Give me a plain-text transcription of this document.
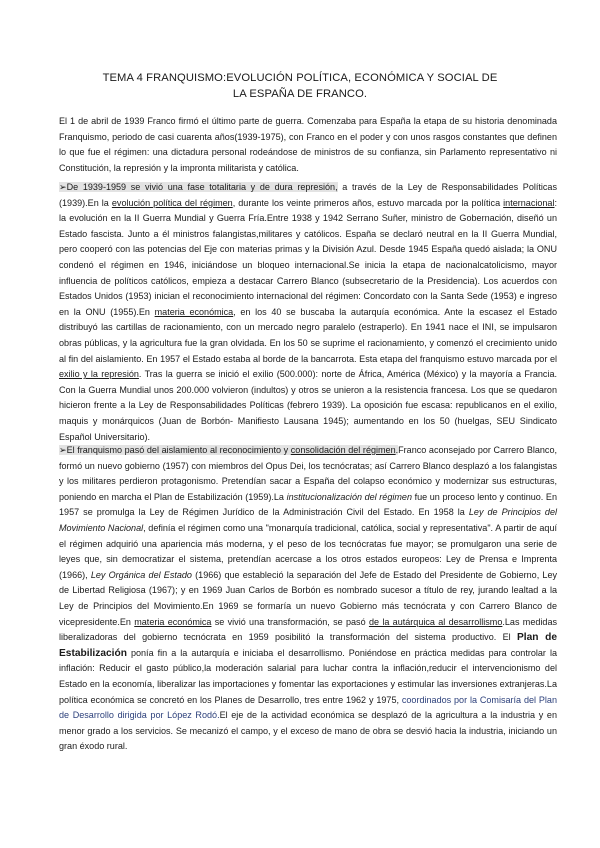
TEMA 4 FRANQUISMO:EVOLUCIÓN POLÍTICA, ECONÓMICA Y SOCIAL DE
LA ESPAÑA DE FRANCO.
El 1 de abril de 1939 Franco firmó el último parte de guerra. Comenzaba para España la etapa de su historia denominada Franquismo, periodo de casi cuarenta años(1939-1975), con Franco en el poder y con unos rasgos constantes que definen lo que fue el régimen: una dictadura personal rodeándose de ministros de su confianza, sin Parlamento representativo ni Constitución, la represión y la impronta militarista y católica.
➢De 1939-1959 se vivió una fase totalitaria y de dura represión, a través de la Ley de Responsabilidades Políticas (1939).En la evolución política del régimen, durante los veinte primeros años, estuvo marcada por la política internacional: la evolución en la II Guerra Mundial y Guerra Fría.Entre 1938 y 1942 Serrano Suñer, ministro de Gobernación, diseñó un Estado fascista. Junto a él ministros falangistas,militares y católicos. España se declaró neutral en la II Guerra Mundial, pero cooperó con las potencias del Eje con materias primas y la División Azul. Desde 1945 España quedó aislada; la ONU condenó el régimen en 1946, iniciándose un bloqueo internacional.Se inicia la etapa de nacionalcatolicismo, mayor influencia de políticos católicos, empieza a destacar Carrero Blanco (subsecretario de la Presidencia). Los acuerdos con Estados Unidos (1953) inician el reconocimiento internacional del régimen: Concordato con la Santa Sede (1953) e ingreso en la ONU (1955).En materia económica, en los 40 se buscaba la autarquía económica. Ante la escasez el Estado distribuyó las cartillas de racionamiento, con un mercado negro paralelo (estraperlo). En 1941 nace el INI, se impulsaron obras públicas, y la agricultura fue la gran olvidada. En los 50 se suprime el racionamiento, y comenzó el crecimiento unido al fin del aislamiento. En 1957 el Estado estaba al borde de la bancarrota. Esta etapa del franquismo estuvo marcada por el exilio y la represión. Tras la guerra se inició el exilio (500.000): norte de África, América (México) y la mayoría a Francia. Con la Guerra Mundial unos 200.000 volvieron (indultos) y otros se unieron a la resistencia francesa. Los que se quedaron hicieron frente a la Ley de Responsabilidades Políticas (febrero 1939). La oposición fue escasa: republicanos en el exilio, maquis y monárquicos (Juan de Borbón- Manifiesto Lausana 1945); aumentando en los 50 (huelgas, SEU Sindicato Español Universitario).
➢El franquismo pasó del aislamiento al reconocimiento y consolidación del régimen.Franco aconsejado por Carrero Blanco, formó un nuevo gobierno (1957) con miembros del Opus Dei, los tecnócratas; así Carrero Blanco desplazó a los falangistas y los militares perdieron protagonismo. Pretendían sacar a España del colapso económico y modernizar sus estructuras, poniendo en marcha el Plan de Estabilización (1959).La institucionalización del régimen fue un proceso lento y continuo. En 1957 se promulga la Ley de Régimen Jurídico de la Administración Civil del Estado. En 1958 la Ley de Principios del Movimiento Nacional, definía el régimen como una "monarquía tradicional, católica, social y representativa". A partir de aquí el régimen adquirió una apariencia más moderna, y el peso de los tecnócratas fue mayor; se promulgaron una serie de leyes que, sin democratizar el sistema, pretendían acercase a los otros estados europeos: Ley de Prensa e Imprenta (1966), Ley Orgánica del Estado (1966) que estableció la separación del Jefe de Estado del Presidente de Gobierno, Ley de Libertad Religiosa (1967); y en 1969 Juan Carlos de Borbón es nombrado sucesor a título de rey, jurando lealtad a la Ley de Principios del Movimiento.En 1969 se formaría un nuevo Gobierno más tecnócrata y con Carrero Blanco de vicepresidente.En materia económica se vivió una transformación, se pasó de la autárquica al desarrollismo.Las medidas liberalizadoras del gobierno tecnócrata en 1959 posibilitó la transformación del sistema productivo. El Plan de Estabilización ponía fin a la autarquía e iniciaba el desarrollismo. Poniéndose en práctica medidas para controlar la inflación: Reducir el gasto público,la moderación salarial para luchar contra la inflación,reducir el intervencionismo del Estado en la economía, liberalizar las importaciones y fomentar las exportaciones y estimular las inversiones extranjeras.La política económica se concretó en los Planes de Desarrollo, tres entre 1962 y 1975, coordinados por la Comisaría del Plan de Desarrollo dirigida por López Rodó.El eje de la actividad económica se desplazó de la agricultura a la industria y en menor grado a los servicios. Se mecanizó el campo, y el exceso de mano de obra se desvió hacia la industria, iniciando un gran éxodo rural.
